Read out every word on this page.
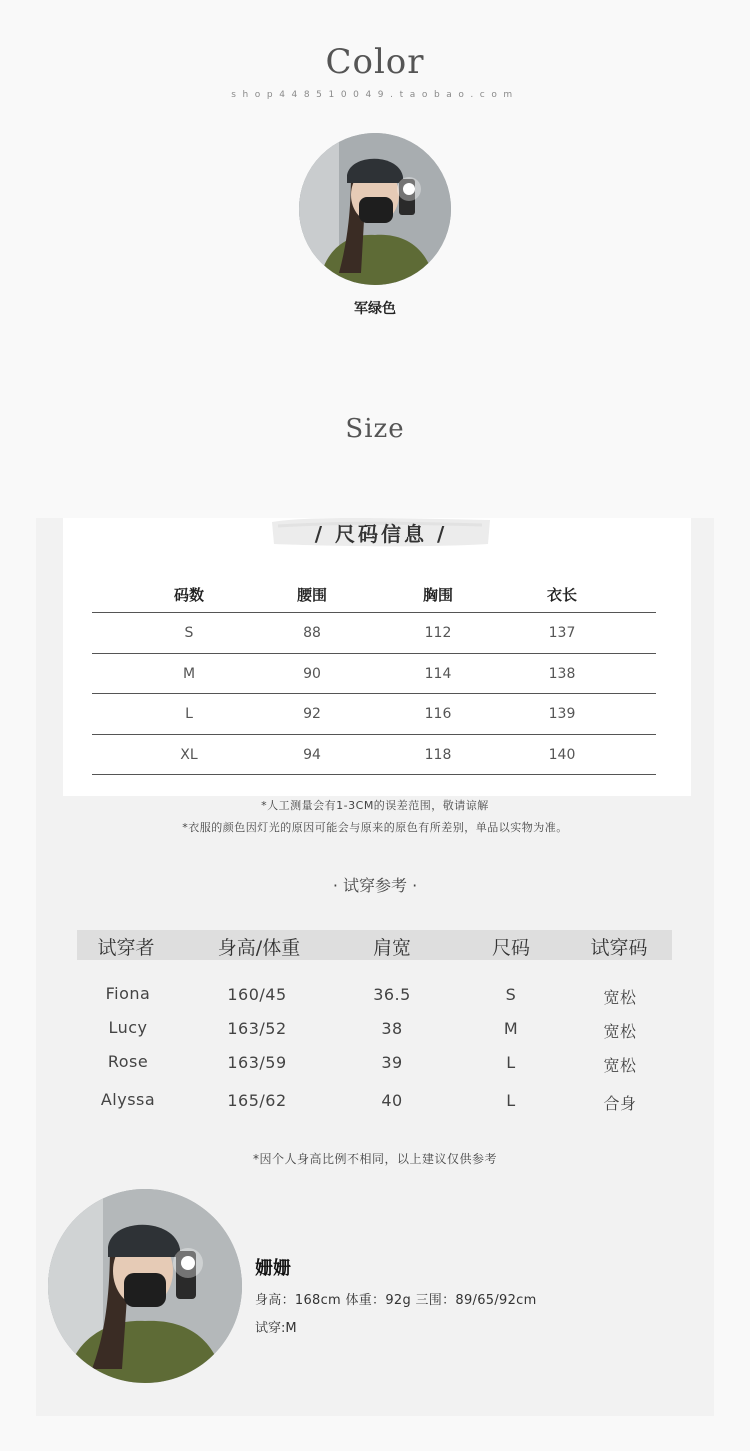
Color
shop448510049.taobao.com
军绿色
Size
/ 尺码信息 /
码数	腰围	胸围	衣长
S	88	112	137
M	90	114	138
L	92	116	139
XL	94	118	140
*人工测量会有1-3CM的误差范围，敬请谅解
*衣服的颜色因灯光的原因可能会与原来的原色有所差别，单品以实物为准。
· 试穿参考 ·
试穿者	身高/体重	肩宽	尺码	试穿码
Fiona	160/45	36.5	S	宽松
Lucy	163/52	38	M	宽松
Rose	163/59	39	L	宽松
Alyssa	165/62	40	L	合身
*因个人身高比例不相同，以上建议仅供参考
姗姗
身高：168cm 体重：92g 三围：89/65/92cm
试穿:M
